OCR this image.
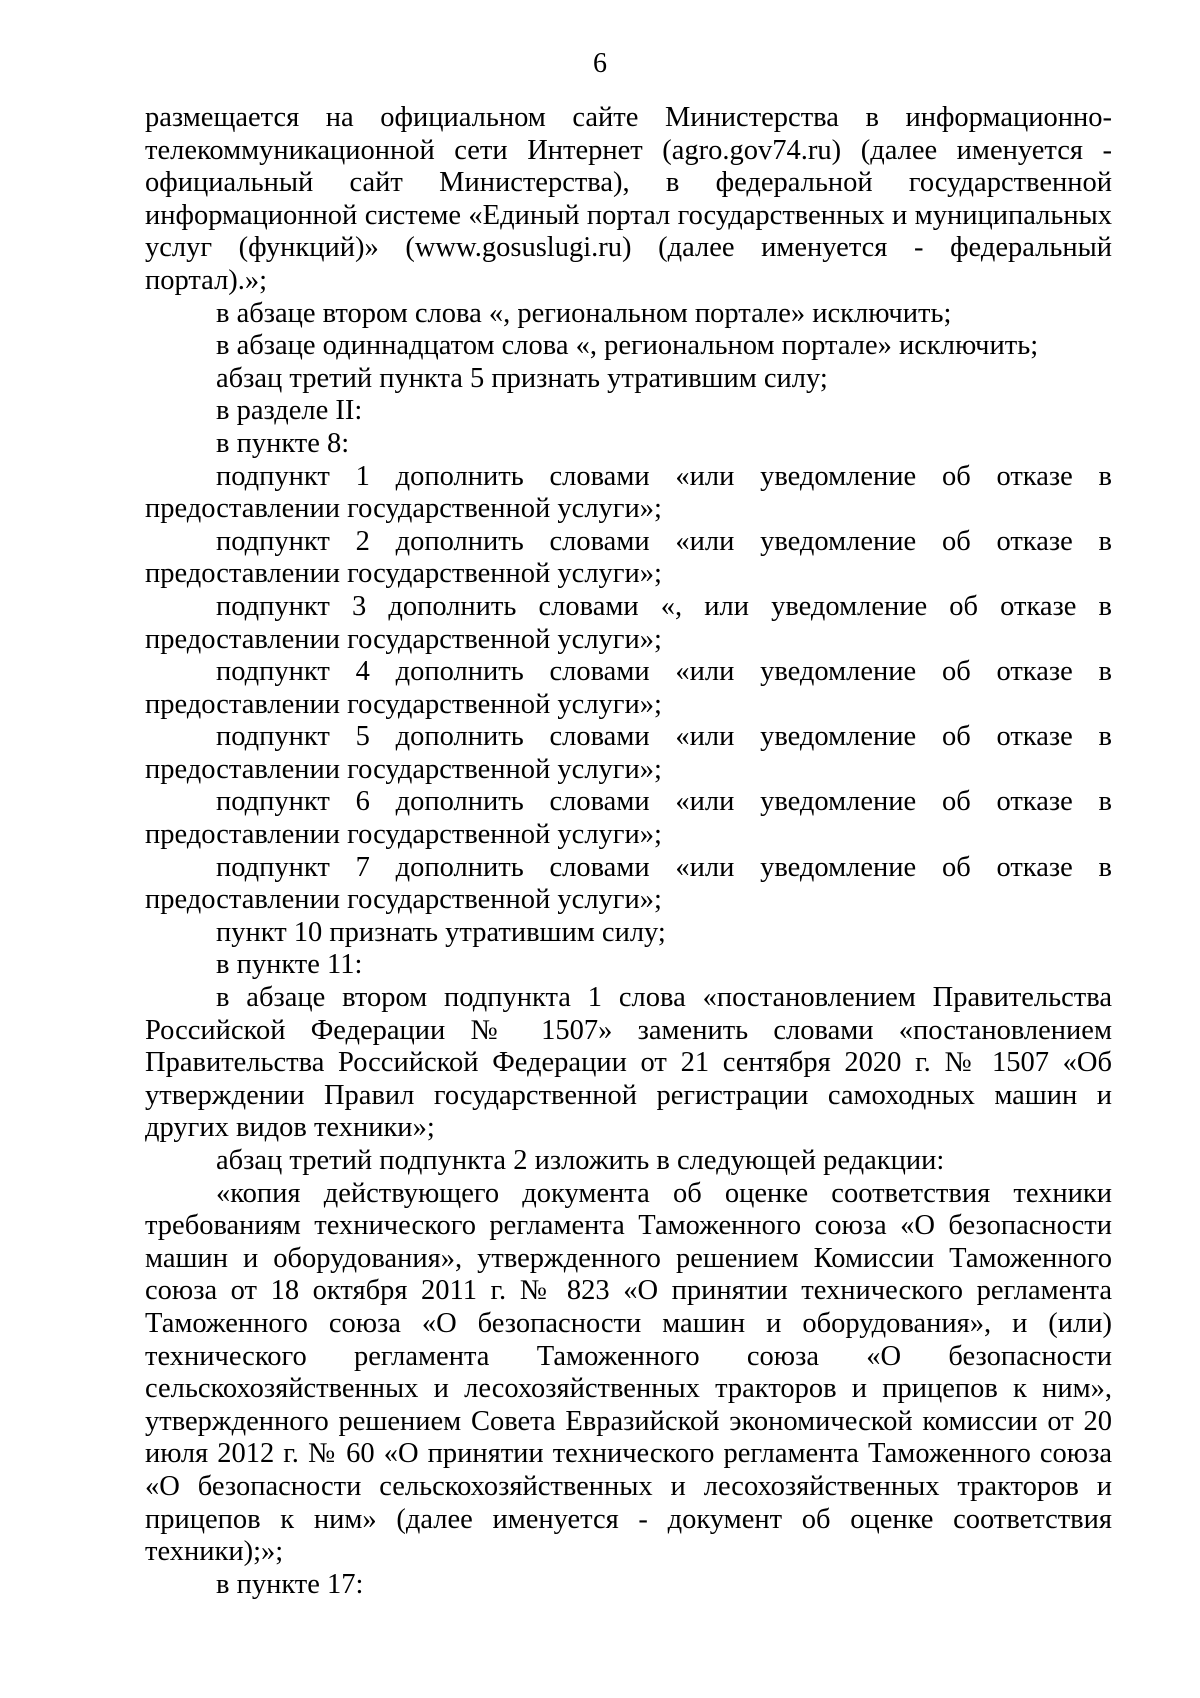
6

размещается на официальном сайте Министерства в информационно-телекоммуникационной сети Интернет (agro.gov74.ru) (далее именуется - официальный сайт Министерства), в федеральной государственной информационной системе «Единый портал государственных и муниципальных услуг (функций)» (www.gosuslugi.ru) (далее именуется - федеральный портал).»;

в абзаце втором слова «, региональном портале» исключить;

в абзаце одиннадцатом слова «, региональном портале» исключить;

абзац третий пункта 5 признать утратившим силу;

в разделе II:

в пункте 8:

подпункт 1 дополнить словами «или уведомление об отказе в предоставлении государственной услуги»;

подпункт 2 дополнить словами «или уведомление об отказе в предоставлении государственной услуги»;

подпункт 3 дополнить словами «, или уведомление об отказе в предоставлении государственной услуги»;

подпункт 4 дополнить словами «или уведомление об отказе в предоставлении государственной услуги»;

подпункт 5 дополнить словами «или уведомление об отказе в предоставлении государственной услуги»;

подпункт 6 дополнить словами «или уведомление об отказе в предоставлении государственной услуги»;

подпункт 7 дополнить словами «или уведомление об отказе в предоставлении государственной услуги»;

пункт 10 признать утратившим силу;

в пункте 11:

в абзаце втором подпункта 1 слова «постановлением Правительства Российской Федерации № 1507» заменить словами «постановлением Правительства Российской Федерации от 21 сентября 2020 г. № 1507 «Об утверждении Правил государственной регистрации самоходных машин и других видов техники»;

абзац третий подпункта 2 изложить в следующей редакции:

«копия действующего документа об оценке соответствия техники требованиям технического регламента Таможенного союза «О безопасности машин и оборудования», утвержденного решением Комиссии Таможенного союза от 18 октября 2011 г. № 823 «О принятии технического регламента Таможенного союза «О безопасности машин и оборудования», и (или) технического регламента Таможенного союза «О безопасности сельскохозяйственных и лесохозяйственных тракторов и прицепов к ним», утвержденного решением Совета Евразийской экономической комиссии от 20 июля 2012 г. № 60 «О принятии технического регламента Таможенного союза «О безопасности сельскохозяйственных и лесохозяйственных тракторов и прицепов к ним» (далее именуется - документ об оценке соответствия техники);»;

в пункте 17:
